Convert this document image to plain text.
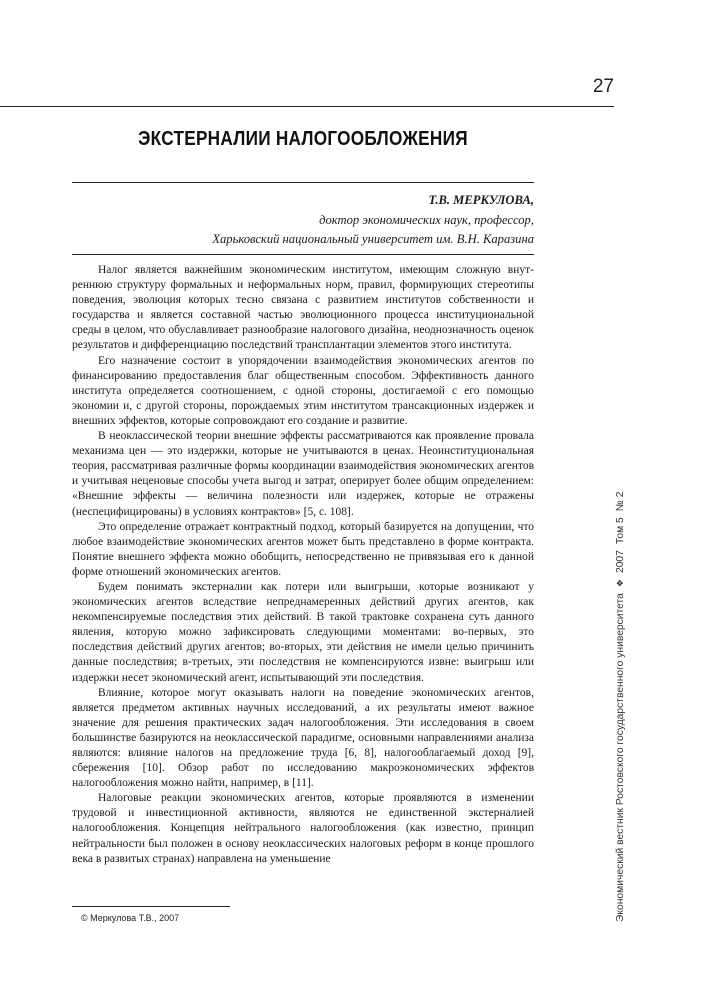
27
ЭКСТЕРНАЛИИ НАЛОГООБЛОЖЕНИЯ
Т.В. МЕРКУЛОВА,
доктор экономических наук, профессор,
Харьковский национальный университет им. В.Н. Каразина

Налог является важнейшим экономическим институтом, имеющим сложную внутреннюю структуру формальных и неформальных норм, правил, формирующих стереотипы поведения, эволюция которых тесно связана с развитием институтов собственности и государства и является составной частью эволюционного процесса институциональной среды в целом, что обуславливает разнообразие налогового дизайна, неоднозначность оценок результатов и дифференциацию последствий трансплантации элементов этого института.

Его назначение состоит в упорядочении взаимодействия экономических агентов по финансированию предоставления благ общественным способом. Эффективность данного института определяется соотношением, с одной стороны, достигаемой с его помощью экономии и, с другой стороны, порождаемых этим институтом трансакционных издержек и внешних эффектов, которые сопровождают его создание и развитие.

В неоклассической теории внешние эффекты рассматриваются как проявление провала механизма цен — это издержки, которые не учитываются в ценах. Неоинституциональная теория, рассматривая различные формы координации взаимодействия экономических агентов и учитывая неценовые способы учета выгод и затрат, оперирует более общим определением: «Внешние эффекты — величина полезности или издержек, которые не отражены (неспецифицированы) в условиях контрактов» [5, с. 108].

Это определение отражает контрактный подход, который базируется на допущении, что любое взаимодействие экономических агентов может быть представлено в форме контракта. Понятие внешнего эффекта можно обобщить, непосредственно не привязывая его к данной форме отношений экономических агентов.

Будем понимать экстерналии как потери или выигрыши, которые возникают у экономических агентов вследствие непреднамеренных действий других агентов, как некомпенсируемые последствия этих действий. В такой трактовке сохранена суть данного явления, которую можно зафиксировать следующими моментами: во-первых, это последствия действий других агентов; во-вторых, эти действия не имели целью причинить данные последствия; в-третьих, эти последствия не компенсируются извне: выигрыш или издержки несет экономический агент, испытывающий эти последствия.

Влияние, которое могут оказывать налоги на поведение экономических агентов, является предметом активных научных исследований, а их результаты имеют важное значение для решения практических задач налогообложения. Эти исследования в своем большинстве базируются на неоклассической парадигме, основными направлениями анализа являются: влияние налогов на предложение труда [6, 8], налогооблагаемый доход [9], сбережения [10]. Обзор работ по исследованию макроэкономических эффектов налогообложения можно найти, например, в [11].

Налоговые реакции экономических агентов, которые проявляются в изменении трудовой и инвестиционной активности, являются не единственной экстерналией налогообложения. Концепция нейтрального налогообложения (как известно, принцип нейтральности был положен в основу неоклассических налоговых реформ в конце прошлого века в развитых странах) направлена на уменьшение

© Меркулова Т.В., 2007	Экономический вестник Ростовского государственного университета
❖
2007
Том 5
№ 2
